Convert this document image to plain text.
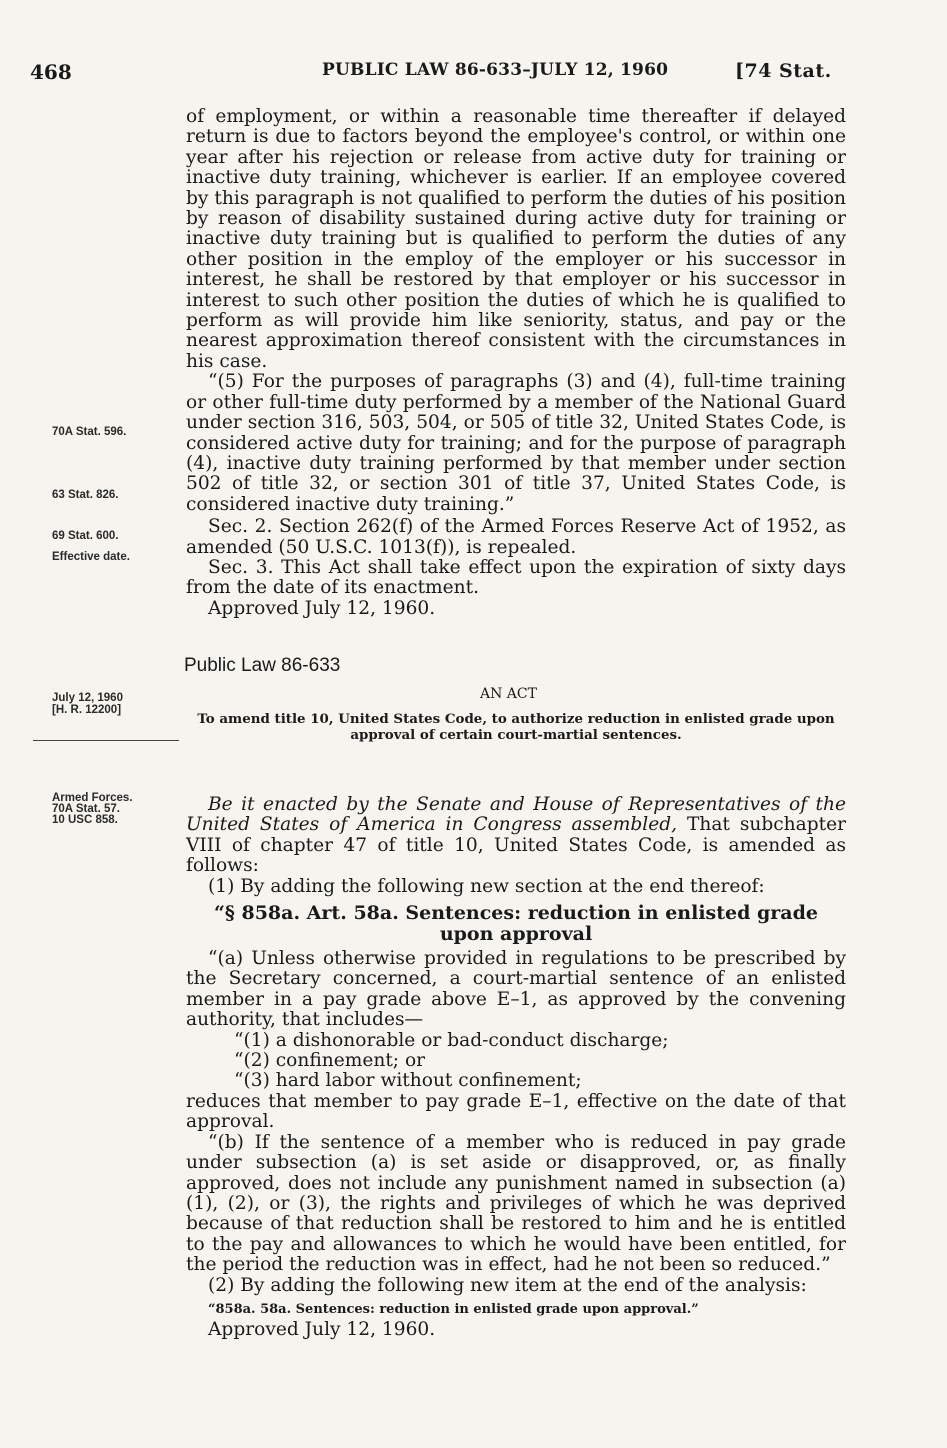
468	PUBLIC LAW 86-633–JULY 12, 1960	[74 Stat.
70A Stat. 596.
63 Stat. 826.
69 Stat. 600.
Effective date.
July 12, 1960
[H. R. 12200]
Armed Forces.
70A Stat. 57.
10 USC 858.

of employment, or within a reasonable time thereafter if delayed return is due to factors beyond the employee's control, or within one year after his rejection or release from active duty for training or inactive duty training, whichever is earlier. If an employee covered by this paragraph is not qualified to perform the duties of his position by reason of disability sustained during active duty for training or inactive duty training but is qualified to perform the duties of any other position in the employ of the employer or his successor in interest, he shall be restored by that employer or his successor in interest to such other position the duties of which he is qualified to perform as will provide him like seniority, status, and pay or the nearest approximation thereof consistent with the circumstances in his case.

“(5) For the purposes of paragraphs (3) and (4), full-time training or other full-time duty performed by a member of the National Guard under section 316, 503, 504, or 505 of title 32, United States Code, is considered active duty for training; and for the purpose of paragraph (4), inactive duty training performed by that member under section 502 of title 32, or section 301 of title 37, United States Code, is considered inactive duty training.”

Sec. 2. Section 262(f) of the Armed Forces Reserve Act of 1952, as amended (50 U.S.C. 1013(f)), is repealed.

Sec. 3. This Act shall take effect upon the expiration of sixty days from the date of its enactment.

Approved July 12, 1960.

Public Law 86-633
AN ACT
To amend title 10, United States Code, to authorize reduction in enlisted grade upon approval of certain court-martial sentences.

Be it enacted by the Senate and House of Representatives of the United States of America in Congress assembled, That subchapter VIII of chapter 47 of title 10, United States Code, is amended as follows:

(1) By adding the following new section at the end thereof:

“§ 858a. Art. 58a. Sentences: reduction in enlisted grade upon approval

“(a) Unless otherwise provided in regulations to be prescribed by the Secretary concerned, a court-martial sentence of an enlisted member in a pay grade above E–1, as approved by the convening authority, that includes—

“(1) a dishonorable or bad-conduct discharge;

“(2) confinement; or

“(3) hard labor without confinement;

reduces that member to pay grade E–1, effective on the date of that approval.

“(b) If the sentence of a member who is reduced in pay grade under subsection (a) is set aside or disapproved, or, as finally approved, does not include any punishment named in subsection (a) (1), (2), or (3), the rights and privileges of which he was deprived because of that reduction shall be restored to him and he is entitled to the pay and allowances to which he would have been entitled, for the period the reduction was in effect, had he not been so reduced.”

(2) By adding the following new item at the end of the analysis:

“858a. 58a. Sentences: reduction in enlisted grade upon approval.”

Approved July 12, 1960.
